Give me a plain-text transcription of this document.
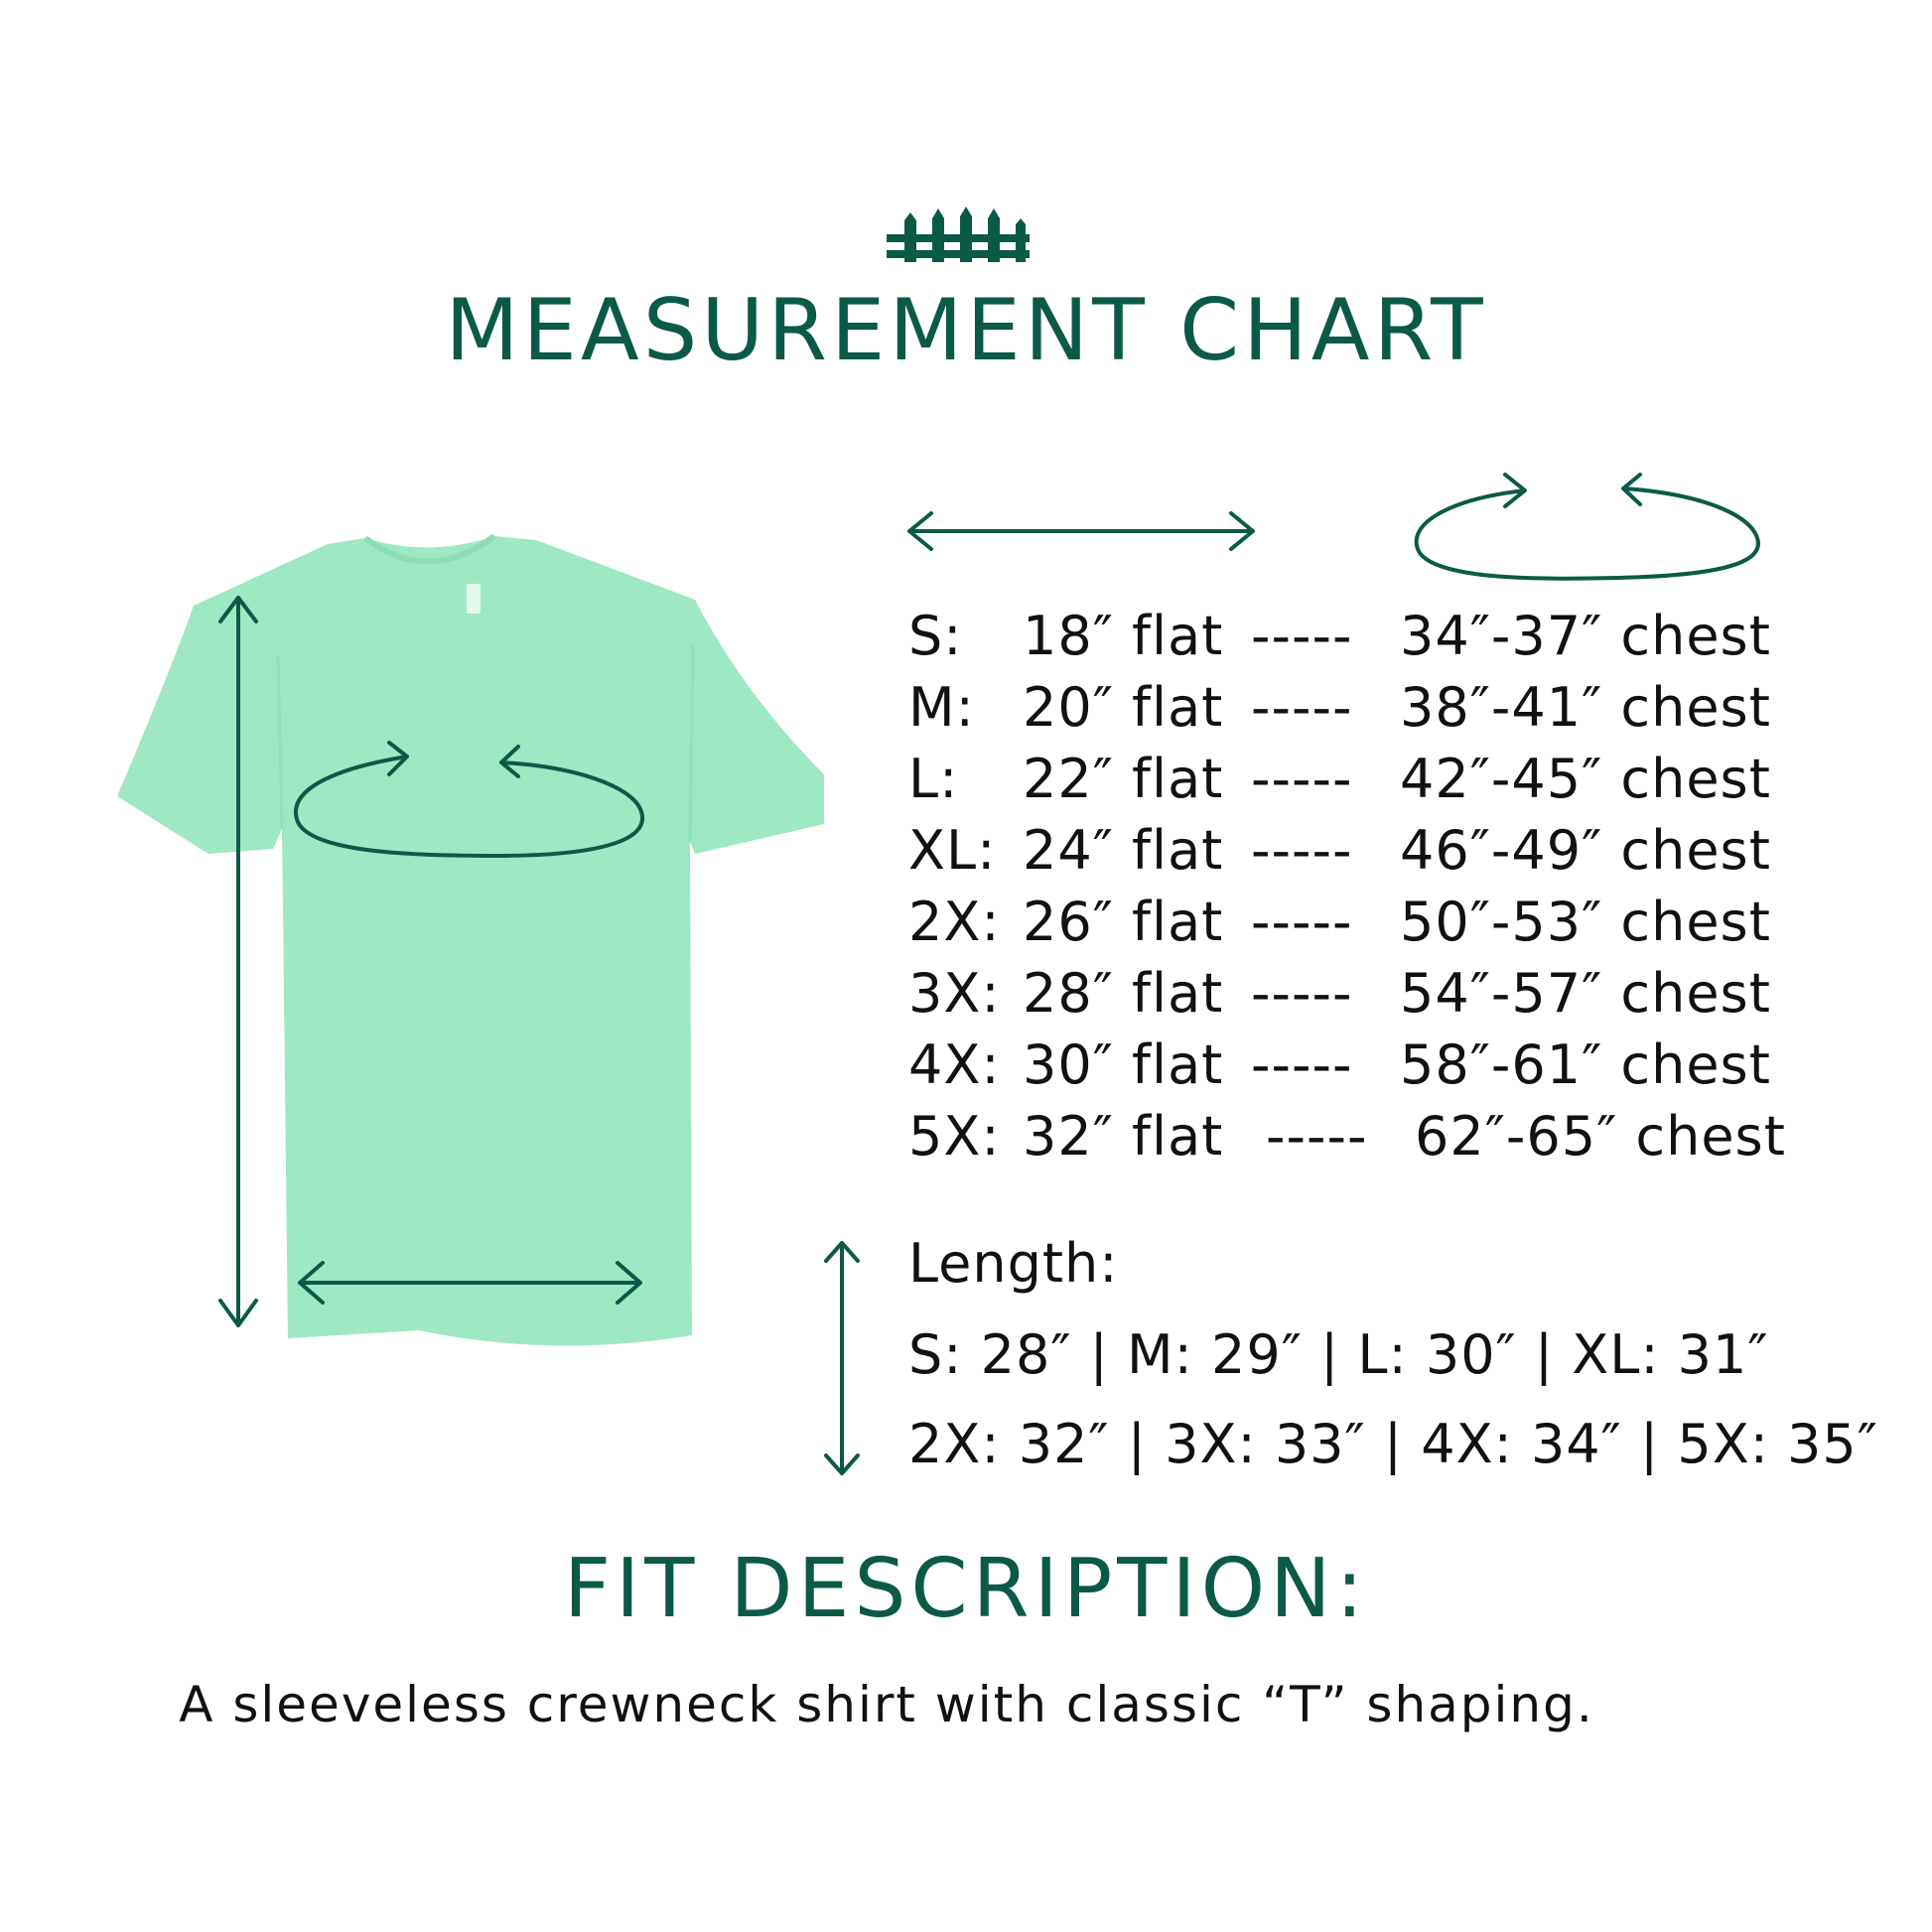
MEASUREMENT CHART

S:

18″ flat

-----

34″-37″ chest

M:

20″ flat

-----

38″-41″ chest

L:

22″ flat

-----

42″-45″ chest

XL:

24″ flat

-----

46″-49″ chest

2X:

26″ flat

-----

50″-53″ chest

3X:

28″ flat

-----

54″-57″ chest

4X:

30″ flat

-----

58″-61″ chest

5X:

32″ flat

-----

62″-65″ chest

Length:
S: 28″ | M: 29″ | L: 30″ | XL: 31″
2X: 32″ | 3X: 33″ | 4X: 34″ | 5X: 35″
FIT DESCRIPTION:
A sleeveless crewneck shirt with classic “T” shaping.
